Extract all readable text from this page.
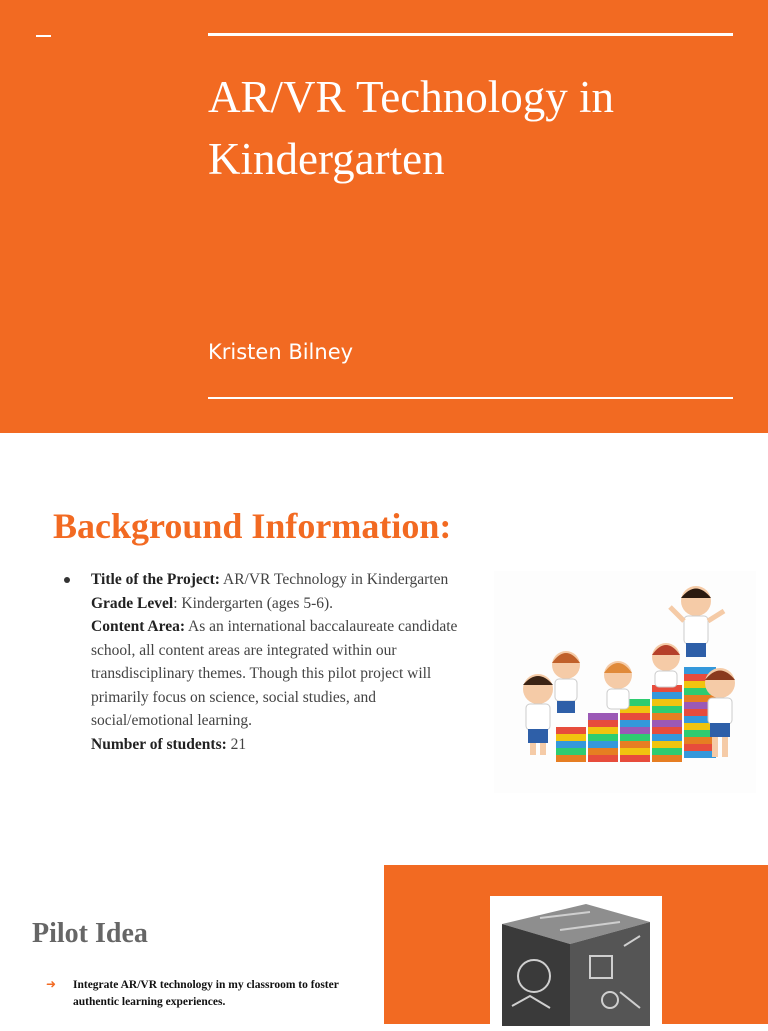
AR/VR Technology in Kindergarten
Kristen Bilney
Background Information:
Title of the Project: AR/VR Technology in Kindergarten
Grade Level: Kindergarten (ages 5-6).
Content Area: As an international baccalaureate candidate school, all content areas are integrated within our transdisciplinary themes. Though this pilot project will primarily focus on science, social studies, and social/emotional learning.
Number of students: 21
Pilot Idea
➜ Integrate AR/VR technology in my classroom to foster authentic learning experiences.
